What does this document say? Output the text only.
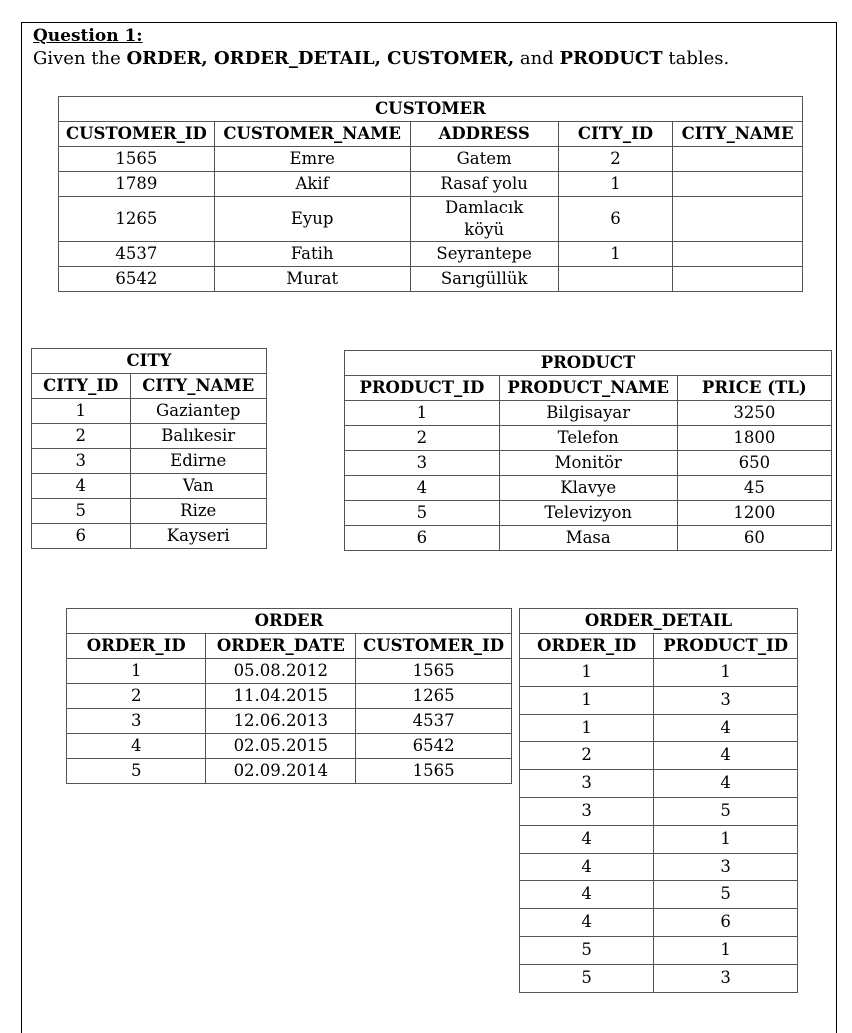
Question 1:
Given the ORDER, ORDER_DETAIL, CUSTOMER, and PRODUCT tables.
CUSTOMER				
CUSTOMER_ID	CUSTOMER_NAME	ADDRESS	CITY_ID	CITY_NAME
1565	Emre	Gatem	2	
1789	Akif	Rasaf yolu	1	
1265	Eyup	Damlacık köyü	6	
4537	Fatih	Seyrantepe	1	
6542	Murat	Sarıgüllük		
CITY	
CITY_ID	CITY_NAME
1	Gaziantep
2	Balıkesir
3	Edirne
4	Van
5	Rize
6	Kayseri
PRODUCT		
PRODUCT_ID	PRODUCT_NAME	PRICE (TL)
1	Bilgisayar	3250
2	Telefon	1800
3	Monitör	650
4	Klavye	45
5	Televizyon	1200
6	Masa	60
ORDER		
ORDER_ID	ORDER_DATE	CUSTOMER_ID
1	05.08.2012	1565
2	11.04.2015	1265
3	12.06.2013	4537
4	02.05.2015	6542
5	02.09.2014	1565
ORDER_DETAIL	
ORDER_ID	PRODUCT_ID
1	1
1	3
1	4
2	4
3	4
3	5
4	1
4	3
4	5
4	6
5	1
5	3
